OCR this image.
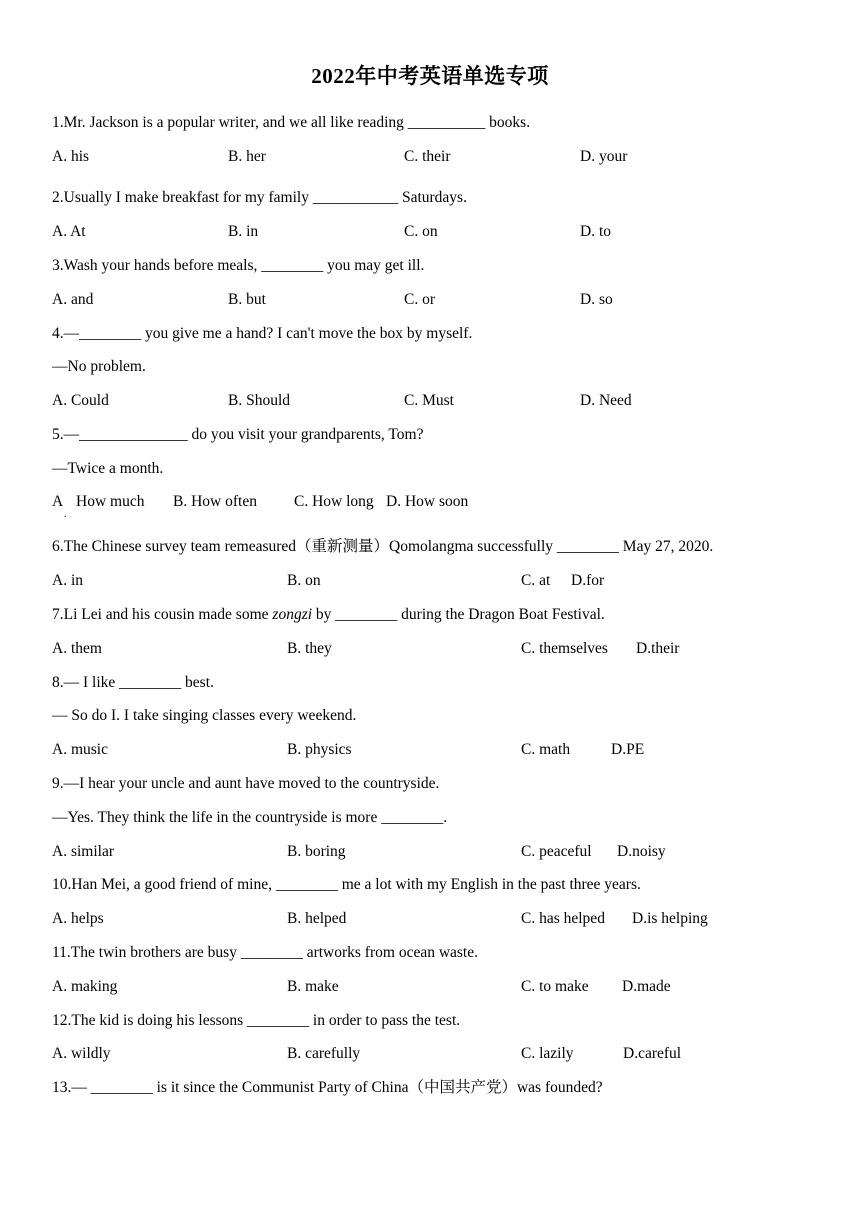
2022年中考英语单选专项
1.Mr. Jackson is a popular writer, and we all like reading __________ books.
A. his	B. her	C. their	D. your
2.Usually I make breakfast for my family ___________ Saturdays.
A. At	B. in	C. on	D. to
3.Wash your hands before meals, ________ you may get ill.
A. and	B. but	C. or	D. so
4.—________ you give me a hand? I can't move the box by myself.
—No problem.
A. Could	B. Should	C. Must	D. Need
5.—______________ do you visit your grandparents, Tom?
—Twice a month.
A
.
How much B. How often C. How long D. How soon
6.The Chinese survey team remeasured（重新测量）Qomolangma successfully ________ May 27, 2020.
A. in	B. on	C. at D.for
7.Li Lei and his cousin made some zongzi by ________ during the Dragon Boat Festival.
A. them	B. they	C. themselves D.their
8.— I like ________ best.
— So do I. I take singing classes every weekend.
A. music	B. physics	C. math	D.PE
9.—I hear your uncle and aunt have moved to the countryside.
—Yes. They think the life in the countryside is more ________.
A. similar	B. boring	C. peaceful D.noisy
10.Han Mei, a good friend of mine, ________ me a lot with my English in the past three years.
A. helps	B. helped	C. has helped D.is helping
11.The twin brothers are busy ________ artworks from ocean waste.
A. making	B. make	C. to make D.made
12.The kid is doing his lessons ________ in order to pass the test.
A. wildly	B. carefully	C. lazily	D.careful
13.— ________ is it since the Communist Party of China（中国共产党）was founded?
